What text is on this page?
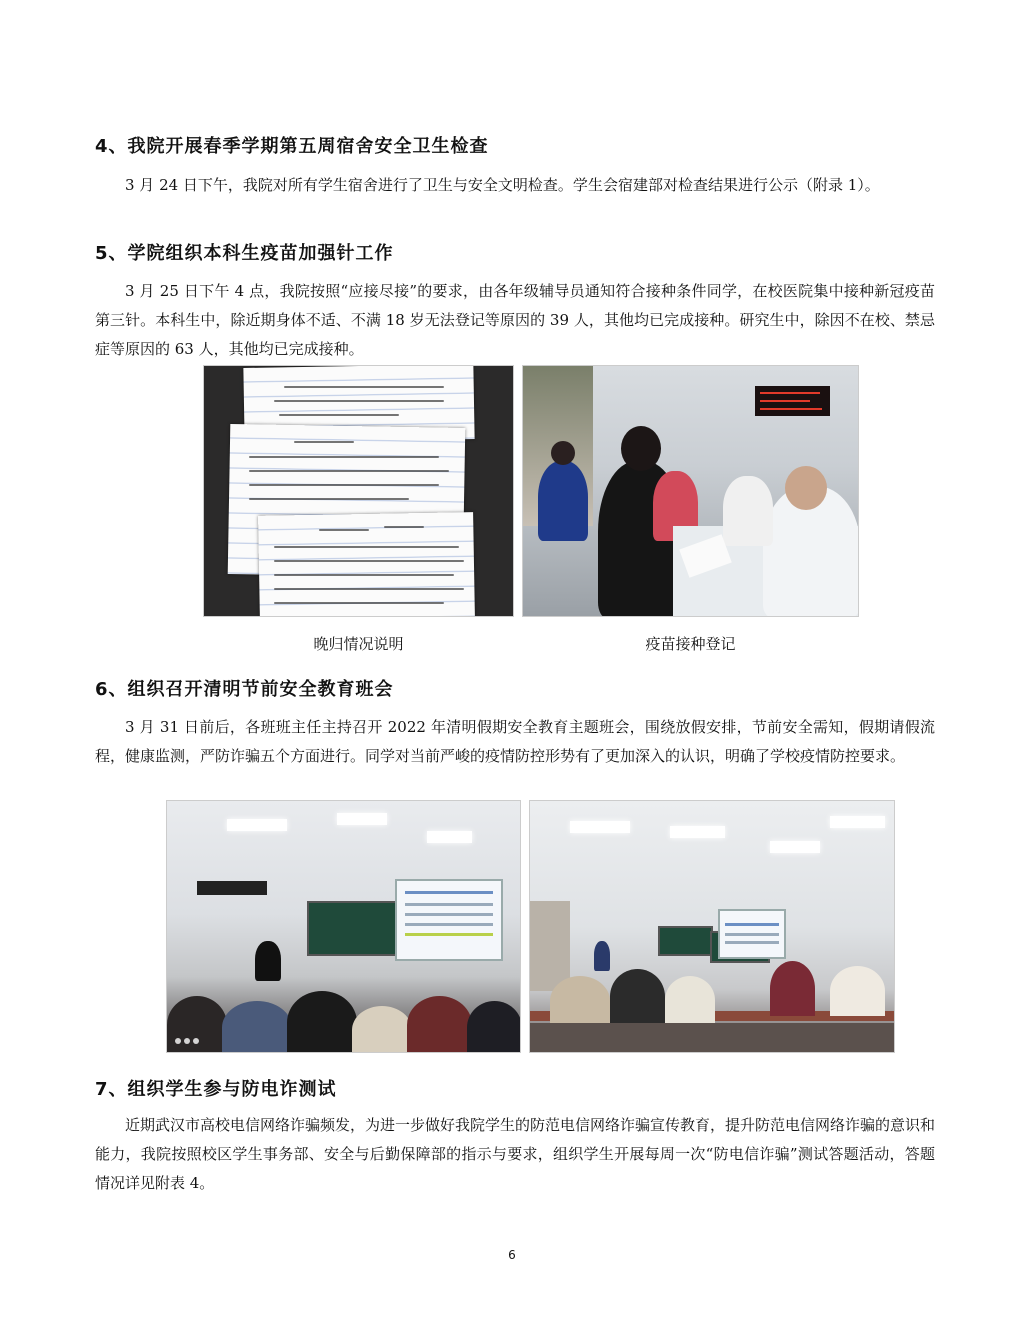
4、我院开展春季学期第五周宿舍安全卫生检查
3 月 24 日下午，我院对所有学生宿舍进行了卫生与安全文明检查。学生会宿建部对检查结果进行公示（附录 1）。
5、学院组织本科生疫苗加强针工作
3 月 25 日下午 4 点，我院按照“应接尽接”的要求，由各年级辅导员通知符合接种条件同学，在校医院集中接种新冠疫苗第三针。本科生中，除近期身体不适、不满 18 岁无法登记等原因的 39 人，其他均已完成接种。研究生中，除因不在校、禁忌症等原因的 63 人，其他均已完成接种。
晚归情况说明	疫苗接种登记
6、组织召开清明节前安全教育班会
3 月 31 日前后，各班班主任主持召开 2022 年清明假期安全教育主题班会，围绕放假安排，节前安全需知，假期请假流程，健康监测，严防诈骗五个方面进行。同学对当前严峻的疫情防控形势有了更加深入的认识，明确了学校疫情防控要求。
7、组织学生参与防电诈测试
近期武汉市高校电信网络诈骗频发，为进一步做好我院学生的防范电信网络诈骗宣传教育，提升防范电信网络诈骗的意识和能力，我院按照校区学生事务部、安全与后勤保障部的指示与要求，组织学生开展每周一次“防电信诈骗”测试答题活动，答题情况详见附表 4。
6
